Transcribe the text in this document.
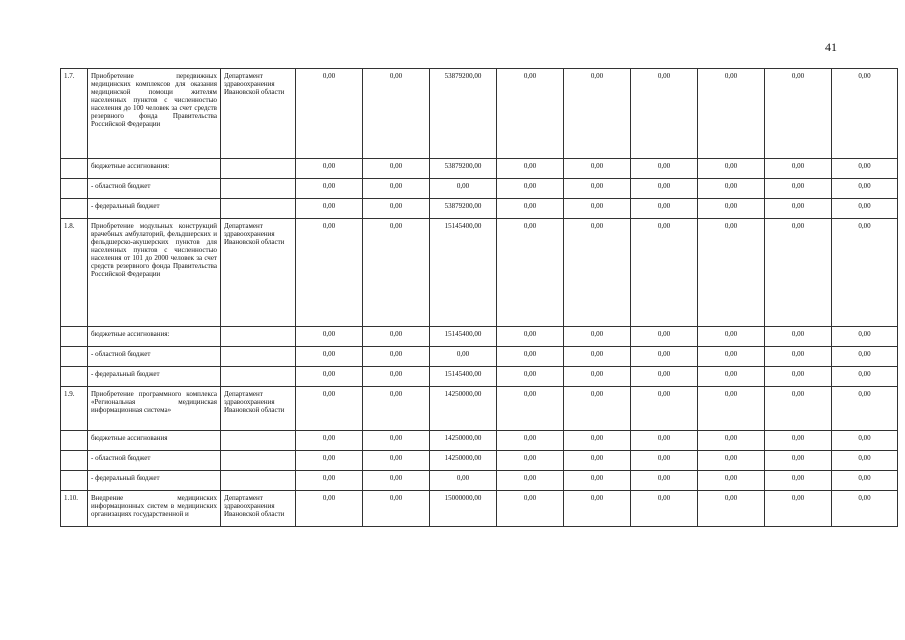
41
1.7.	Приобретение передвижных медицинских комплексов для оказания медицинской помощи жителям населенных пунктов с численностью населения до 100 человек за счет средств резервного фонда Правительства Российской Федерации	Департамент здравоохранения Ивановской области	0,00	0,00	53879200,00	0,00	0,00	0,00	0,00	0,00	0,00
	бюджетные ассигнования:		0,00	0,00	53879200,00	0,00	0,00	0,00	0,00	0,00	0,00
	- областной бюджет		0,00	0,00	0,00	0,00	0,00	0,00	0,00	0,00	0,00
	- федеральный бюджет		0,00	0,00	53879200,00	0,00	0,00	0,00	0,00	0,00	0,00
1.8.	Приобретение модульных конструкций врачебных амбулаторий, фельдшерских и фельдшерско-акушерских пунктов для населенных пунктов с численностью населения от 101 до 2000 человек за счет средств резервного фонда Правительства Российской Федерации	Департамент здравоохранения Ивановской области	0,00	0,00	15145400,00	0,00	0,00	0,00	0,00	0,00	0,00
	бюджетные ассигнования:		0,00	0,00	15145400,00	0,00	0,00	0,00	0,00	0,00	0,00
	- областной бюджет		0,00	0,00	0,00	0,00	0,00	0,00	0,00	0,00	0,00
	- федеральный бюджет		0,00	0,00	15145400,00	0,00	0,00	0,00	0,00	0,00	0,00
1.9.	Приобретение программного комплекса «Региональная медицинская информационная система»	Департамент здравоохранения Ивановской области	0,00	0,00	14250000,00	0,00	0,00	0,00	0,00	0,00	0,00
	бюджетные ассигнования		0,00	0,00	14250000,00	0,00	0,00	0,00	0,00	0,00	0,00
	- областной бюджет		0,00	0,00	14250000,00	0,00	0,00	0,00	0,00	0,00	0,00
	- федеральный бюджет		0,00	0,00	0,00	0,00	0,00	0,00	0,00	0,00	0,00
1.10.	Внедрение медицинских информационных систем в медицинских организациях государственной и	Департамент здравоохранения Ивановской области	0,00	0,00	15000000,00	0,00	0,00	0,00	0,00	0,00	0,00
